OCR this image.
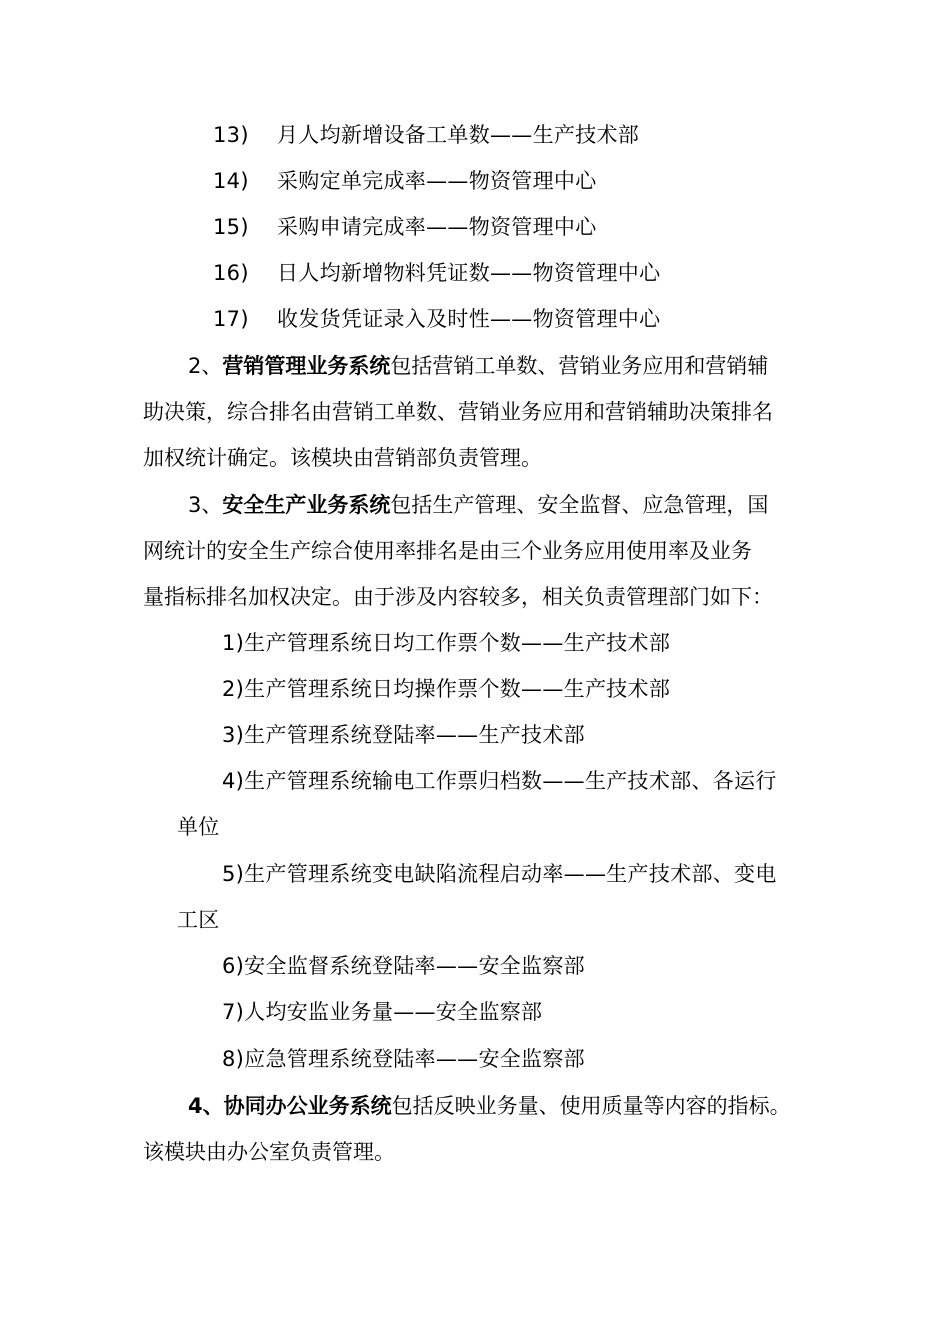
13) 月人均新增设备工单数——生产技术部
14) 采购定单完成率——物资管理中心
15) 采购申请完成率——物资管理中心
16) 日人均新增物料凭证数——物资管理中心
17) 收发货凭证录入及时性——物资管理中心
2、营销管理业务系统包括营销工单数、营销业务应用和营销辅
助决策，综合排名由营销工单数、营销业务应用和营销辅助决策排名
加权统计确定。该模块由营销部负责管理。
3、安全生产业务系统包括生产管理、安全监督、应急管理，国
网统计的安全生产综合使用率排名是由三个业务应用使用率及业务
量指标排名加权决定。由于涉及内容较多，相关负责管理部门如下：
1)生产管理系统日均工作票个数——生产技术部
2)生产管理系统日均操作票个数——生产技术部
3)生产管理系统登陆率——生产技术部
4)生产管理系统输电工作票归档数——生产技术部、各运行
单位
5)生产管理系统变电缺陷流程启动率——生产技术部、变电
工区
6)安全监督系统登陆率——安全监察部
7)人均安监业务量——安全监察部
8)应急管理系统登陆率——安全监察部
4、协同办公业务系统包括反映业务量、使用质量等内容的指标。
该模块由办公室负责管理。
